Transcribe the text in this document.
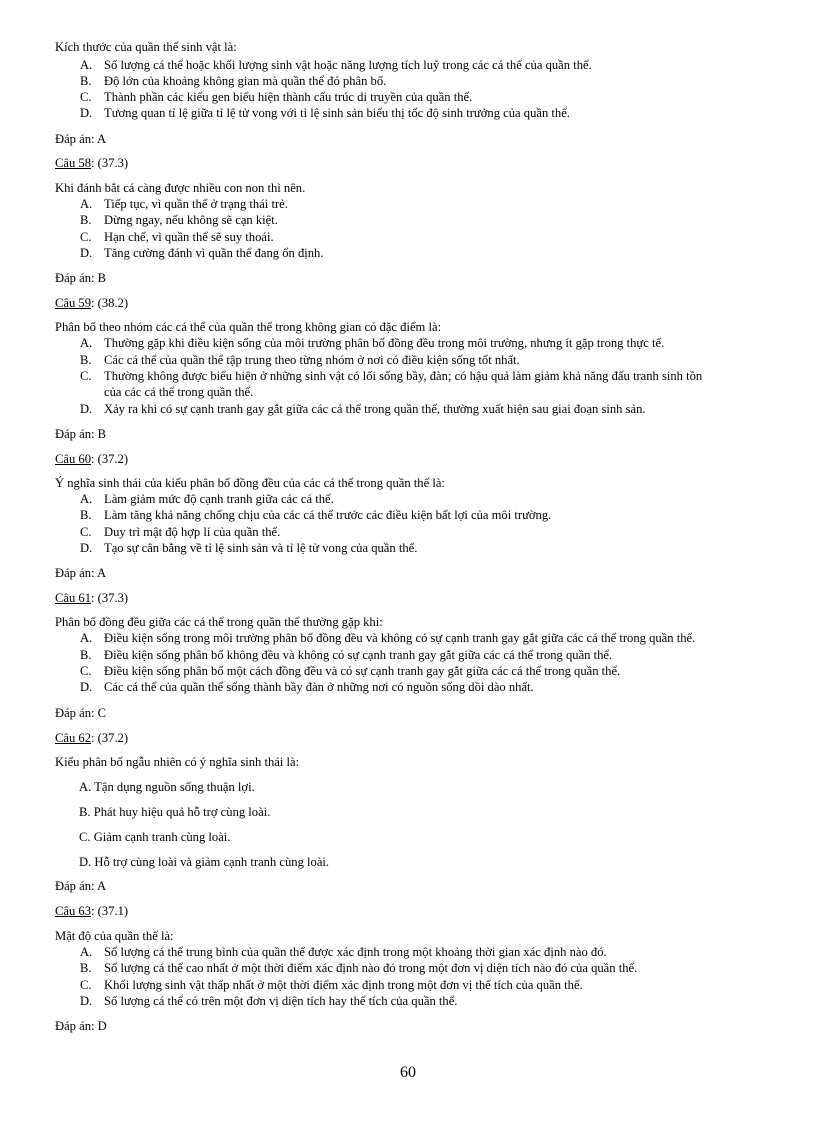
Kích thước của quần thể sinh vật là:
A. Số lượng cá thể hoặc khối lượng sinh vật hoặc năng lượng tích luỹ trong các cá thể của quần thể.
B. Độ lớn của khoảng không gian mà quần thể đó phân bố.
C. Thành phần các kiểu gen biểu hiện thành cấu trúc di truyền của quần thể.
D. Tương quan tỉ lệ giữa tỉ lệ tử vong với tỉ lệ sinh sản biểu thị tốc độ sinh trưởng của quần thể.
Đáp án: A
Câu 58: (37.3)
Khi đánh bắt cá càng được nhiều con non thì nên.
A. Tiếp tục, vì quần thể ở trạng thái trẻ.
B. Dừng ngay, nếu không sẽ cạn kiệt.
C. Hạn chế, vì quần thể sẽ suy thoái.
D. Tăng cường đánh vì quần thể đang ổn định.
Đáp án: B
Câu 59: (38.2)
Phân bố theo nhóm các cá thể của quần thể trong không gian có đặc điểm là:
A. Thường gặp khi điều kiện sống của môi trường phân bố đồng đều trong môi trường, nhưng ít gặp trong thực tế.
B. Các cá thể của quần thể tập trung theo từng nhóm ở nơi có điều kiện sống tốt nhất.
C. Thường không được biểu hiện ở những sinh vật có lối sống bầy, đàn; có hậu quả làm giảm khả năng đấu tranh sinh tồn
của các cá thể trong quần thể.
D. Xảy ra khi có sự cạnh tranh gay gắt giữa các cá thể trong quần thể, thường xuất hiện sau giai đoạn sinh sản.
Đáp án: B
Câu 60: (37.2)
Ý nghĩa sinh thái của kiểu phân bố đồng đều của các cá thể trong quần thể là:
A. Làm giảm mức độ cạnh tranh giữa các cá thể.
B. Làm tăng khả năng chống chịu của các cá thể trước các điều kiện bất lợi của môi trường.
C. Duy trì mật độ hợp lí của quần thể.
D. Tạo sự cân bằng về tỉ lệ sinh sản và tỉ lệ tử vong của quần thể.
Đáp án: A
Câu 61: (37.3)
Phân bố đồng đều giữa các cá thể trong quần thể thường gặp khi:
A. Điều kiện sống trong môi trường phân bố đồng đều và không có sự cạnh tranh gay gắt giữa các cá thể trong quần thể.
B. Điều kiện sống phân bố không đều và không có sự cạnh tranh gay gắt giữa các cá thể trong quần thể.
C. Điều kiện sống phân bố một cách đồng đều và có sự cạnh tranh gay gắt giữa các cá thể trong quần thể.
D. Các cá thể của quần thể sống thành bầy đàn ở những nơi có nguồn sống dồi dào nhất.
Đáp án: C
Câu 62: (37.2)
Kiểu phân bố ngẫu nhiên có ý nghĩa sinh thái là:
A. Tận dụng nguồn sống thuận lợi.
B. Phát huy hiệu quả hỗ trợ cùng loài.
C. Giảm cạnh tranh cùng loài.
D. Hỗ trợ cùng loài và giảm cạnh tranh cùng loài.
Đáp án: A
Câu 63: (37.1)
Mật độ của quần thể là:
A. Số lượng cá thể trung bình của quần thể được xác định trong một khoảng thời gian xác định nào đó.
B. Số lượng cá thể cao nhất ở một thời điểm xác định nào đó trong một đơn vị diện tích nào đó của quần thể.
C. Khối lượng sinh vật thấp nhất ở một thời điểm xác định trong một đơn vị thể tích của quần thể.
D. Số lượng cá thể có trên một đơn vị diện tích hay thể tích của quần thể.
Đáp án: D
60
